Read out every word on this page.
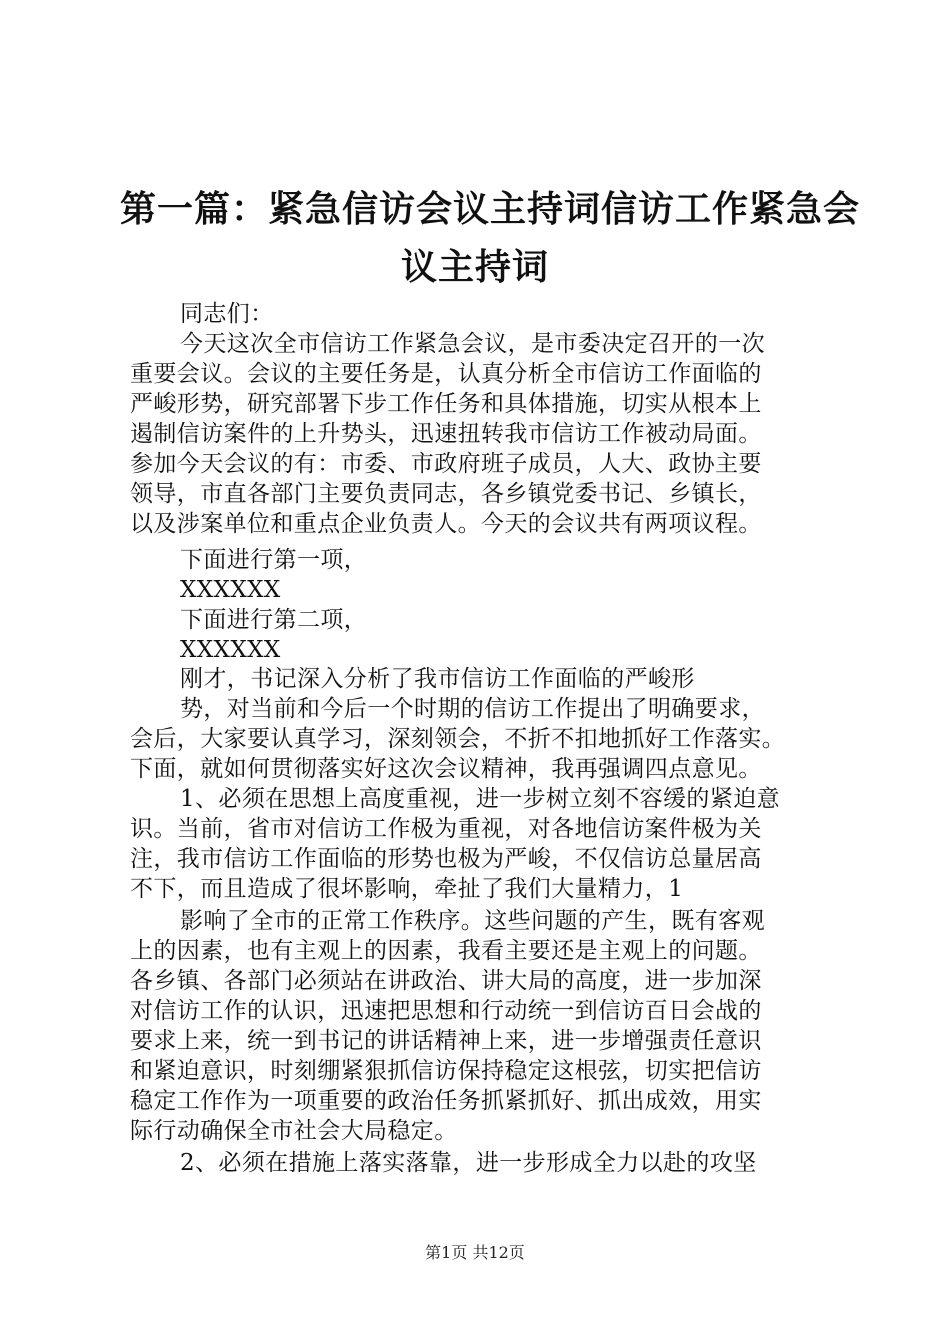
第一篇：紧急信访会议主持词信访工作紧急会
议主持词
同志们：
今天这次全市信访工作紧急会议，是市委决定召开的一次
重要会议。会议的主要任务是，认真分析全市信访工作面临的
严峻形势，研究部署下步工作任务和具体措施，切实从根本上
遏制信访案件的上升势头，迅速扭转我市信访工作被动局面。
参加今天会议的有：市委、市政府班子成员，人大、政协主要
领导，市直各部门主要负责同志，各乡镇党委书记、乡镇长，
以及涉案单位和重点企业负责人。今天的会议共有两项议程。
下面进行第一项，
XXXXXX
下面进行第二项，
XXXXXX
刚才，书记深入分析了我市信访工作面临的严峻形
势，对当前和今后一个时期的信访工作提出了明确要求，
会后，大家要认真学习，深刻领会，不折不扣地抓好工作落实。
下面，就如何贯彻落实好这次会议精神，我再强调四点意见。
1、必须在思想上高度重视，进一步树立刻不容缓的紧迫意
识。当前，省市对信访工作极为重视，对各地信访案件极为关
注，我市信访工作面临的形势也极为严峻，不仅信访总量居高
不下，而且造成了很坏影响，牵扯了我们大量精力，1
影响了全市的正常工作秩序。这些问题的产生，既有客观
上的因素，也有主观上的因素，我看主要还是主观上的问题。
各乡镇、各部门必须站在讲政治、讲大局的高度，进一步加深
对信访工作的认识，迅速把思想和行动统一到信访百日会战的
要求上来，统一到书记的讲话精神上来，进一步增强责任意识
和紧迫意识，时刻绷紧狠抓信访保持稳定这根弦，切实把信访
稳定工作作为一项重要的政治任务抓紧抓好、抓出成效，用实
际行动确保全市社会大局稳定。
2、必须在措施上落实落靠，进一步形成全力以赴的攻坚
第1页 共12页
